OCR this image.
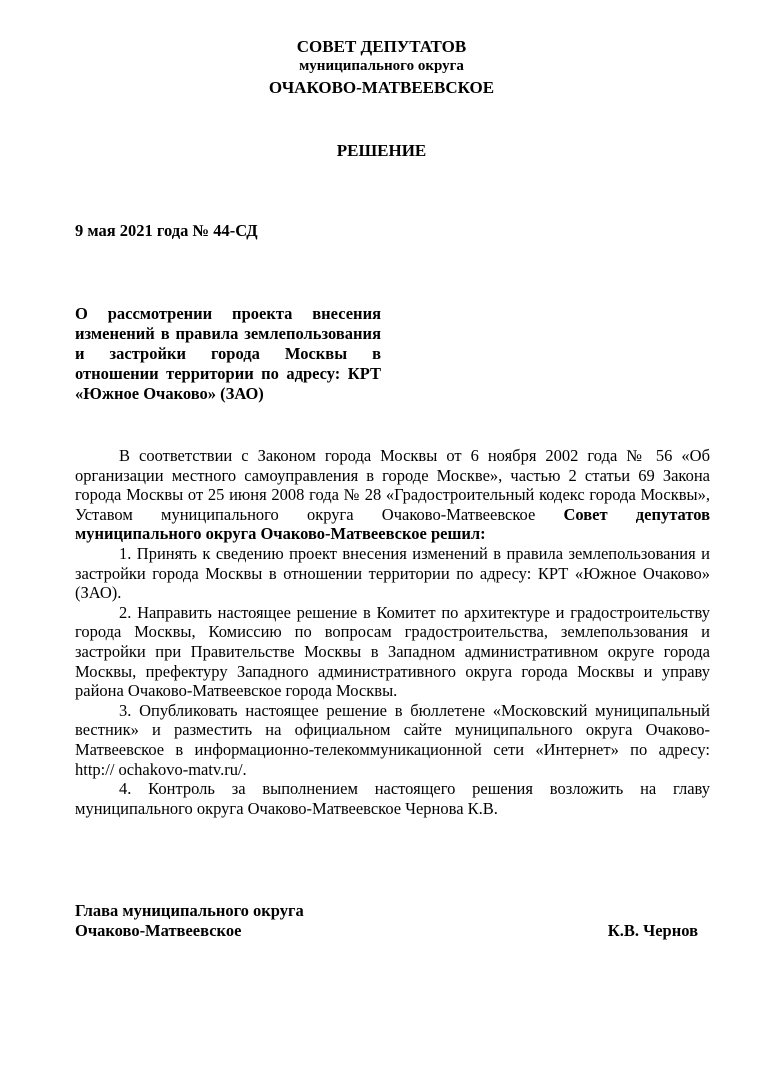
СОВЕТ ДЕПУТАТОВ
муниципального округа
ОЧАКОВО-МАТВЕЕВСКОЕ
РЕШЕНИЕ
9 мая 2021 года № 44-СД
О рассмотрении проекта внесения изменений в правила землепользования и застройки города Москвы в отношении территории по адресу: КРТ «Южное Очаково» (ЗАО)

В соответствии с Законом города Москвы от 6 ноября 2002 года № 56 «Об организации местного самоуправления в городе Москве», частью 2 статьи 69 Закона города Москвы от 25 июня 2008 года № 28 «Градостроительный кодекс города Москвы», Уставом муниципального округа Очаково-Матвеевское Совет депутатов муниципального округа Очаково-Матвеевское решил:

1. Принять к сведению проект внесения изменений в правила землепользования и застройки города Москвы в отношении территории по адресу: КРТ «Южное Очаково» (ЗАО).

2. Направить настоящее решение в Комитет по архитектуре и градостроительству города Москвы, Комиссию по вопросам градостроительства, землепользования и застройки при Правительстве Москвы в Западном административном округе города Москвы, префектуру Западного административного округа города Москвы и управу района Очаково-Матвеевское города Москвы.

3. Опубликовать настоящее решение в бюллетене «Московский муниципальный вестник» и разместить на официальном сайте муниципального округа Очаково-Матвеевское в информационно-телекоммуникационной сети «Интернет» по адресу: http:// ochakovo-matv.ru/.

4. Контроль за выполнением настоящего решения возложить на главу муниципального округа Очаково-Матвеевское Чернова К.В.

Глава муниципального округа
Очаково-Матвеевское	К.В. Чернов
